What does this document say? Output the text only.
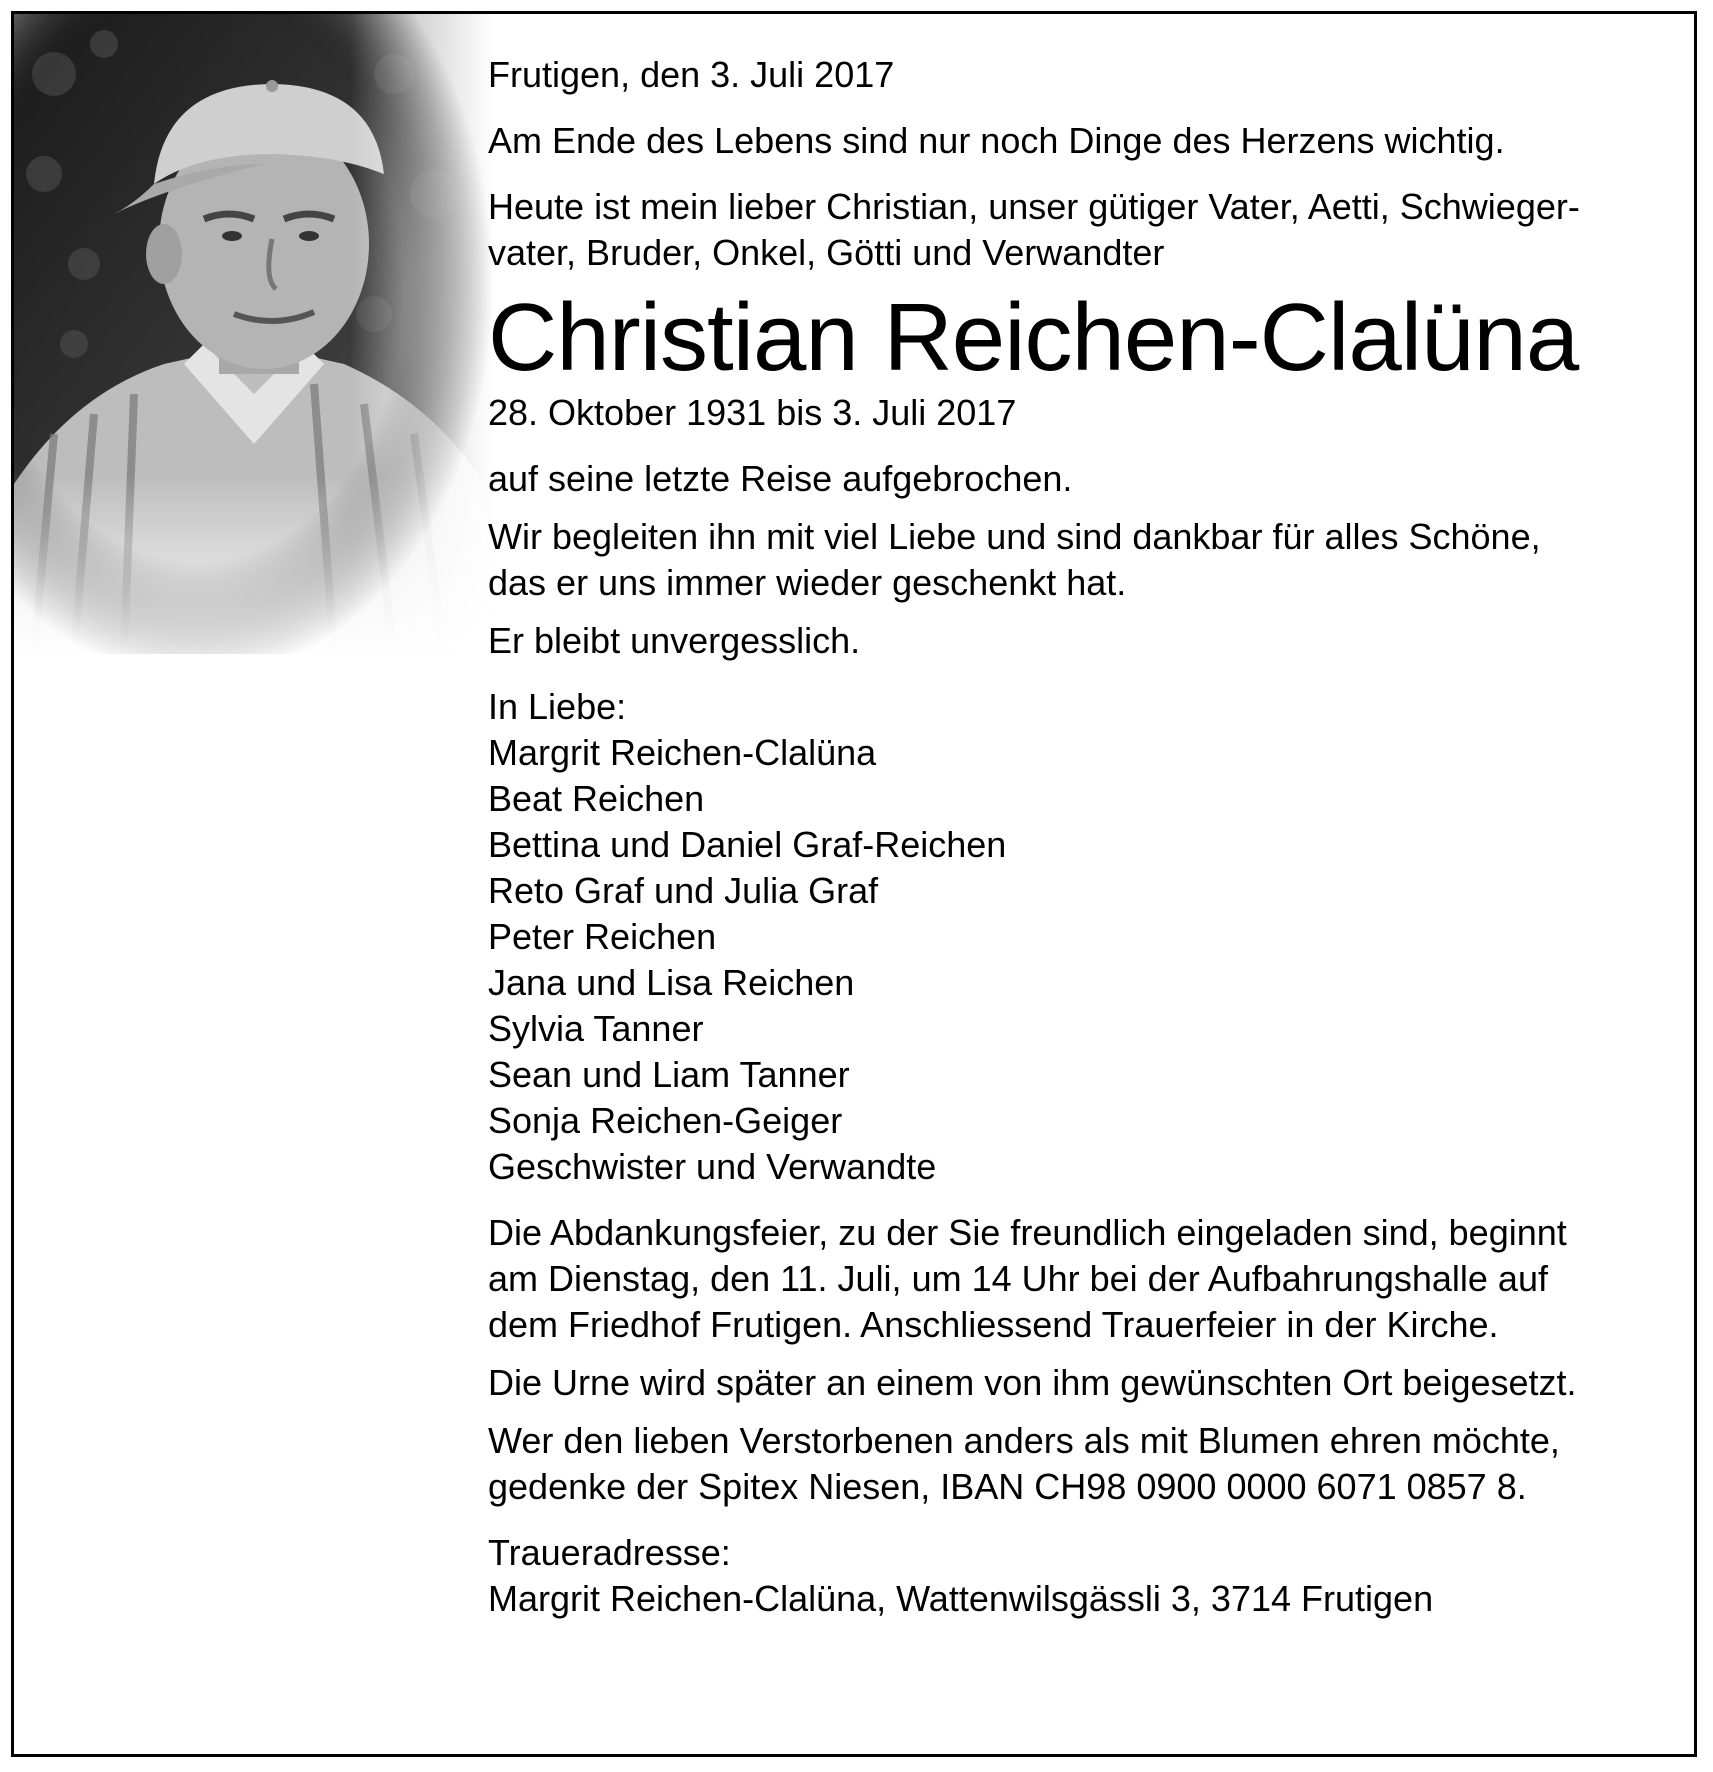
Frutigen, den 3. Juli 2017
Am Ende des Lebens sind nur noch Dinge des Herzens wichtig.
Heute ist mein lieber Christian, unser gütiger Vater, Aetti, Schwieger-
vater, Bruder, Onkel, Götti und Verwandter
Christian Reichen-Clalüna
28. Oktober 1931 bis 3. Juli 2017
auf seine letzte Reise aufgebrochen.
Wir begleiten ihn mit viel Liebe und sind dankbar für alles Schöne,
das er uns immer wieder geschenkt hat.
Er bleibt unvergesslich.
In Liebe:
Margrit Reichen-Clalüna
Beat Reichen
Bettina und Daniel Graf-Reichen
Reto Graf und Julia Graf
Peter Reichen
Jana und Lisa Reichen
Sylvia Tanner
Sean und Liam Tanner
Sonja Reichen-Geiger
Geschwister und Verwandte
Die Abdankungsfeier, zu der Sie freundlich eingeladen sind, beginnt
am Dienstag, den 11. Juli, um 14 Uhr bei der Aufbahrungshalle auf
dem Friedhof Frutigen. Anschliessend Trauerfeier in der Kirche.
Die Urne wird später an einem von ihm gewünschten Ort beigesetzt.
Wer den lieben Verstorbenen anders als mit Blumen ehren möchte,
gedenke der Spitex Niesen, IBAN CH98 0900 0000 6071 0857 8.
Traueradresse:
Margrit Reichen-Clalüna, Wattenwilsgässli 3, 3714 Frutigen
